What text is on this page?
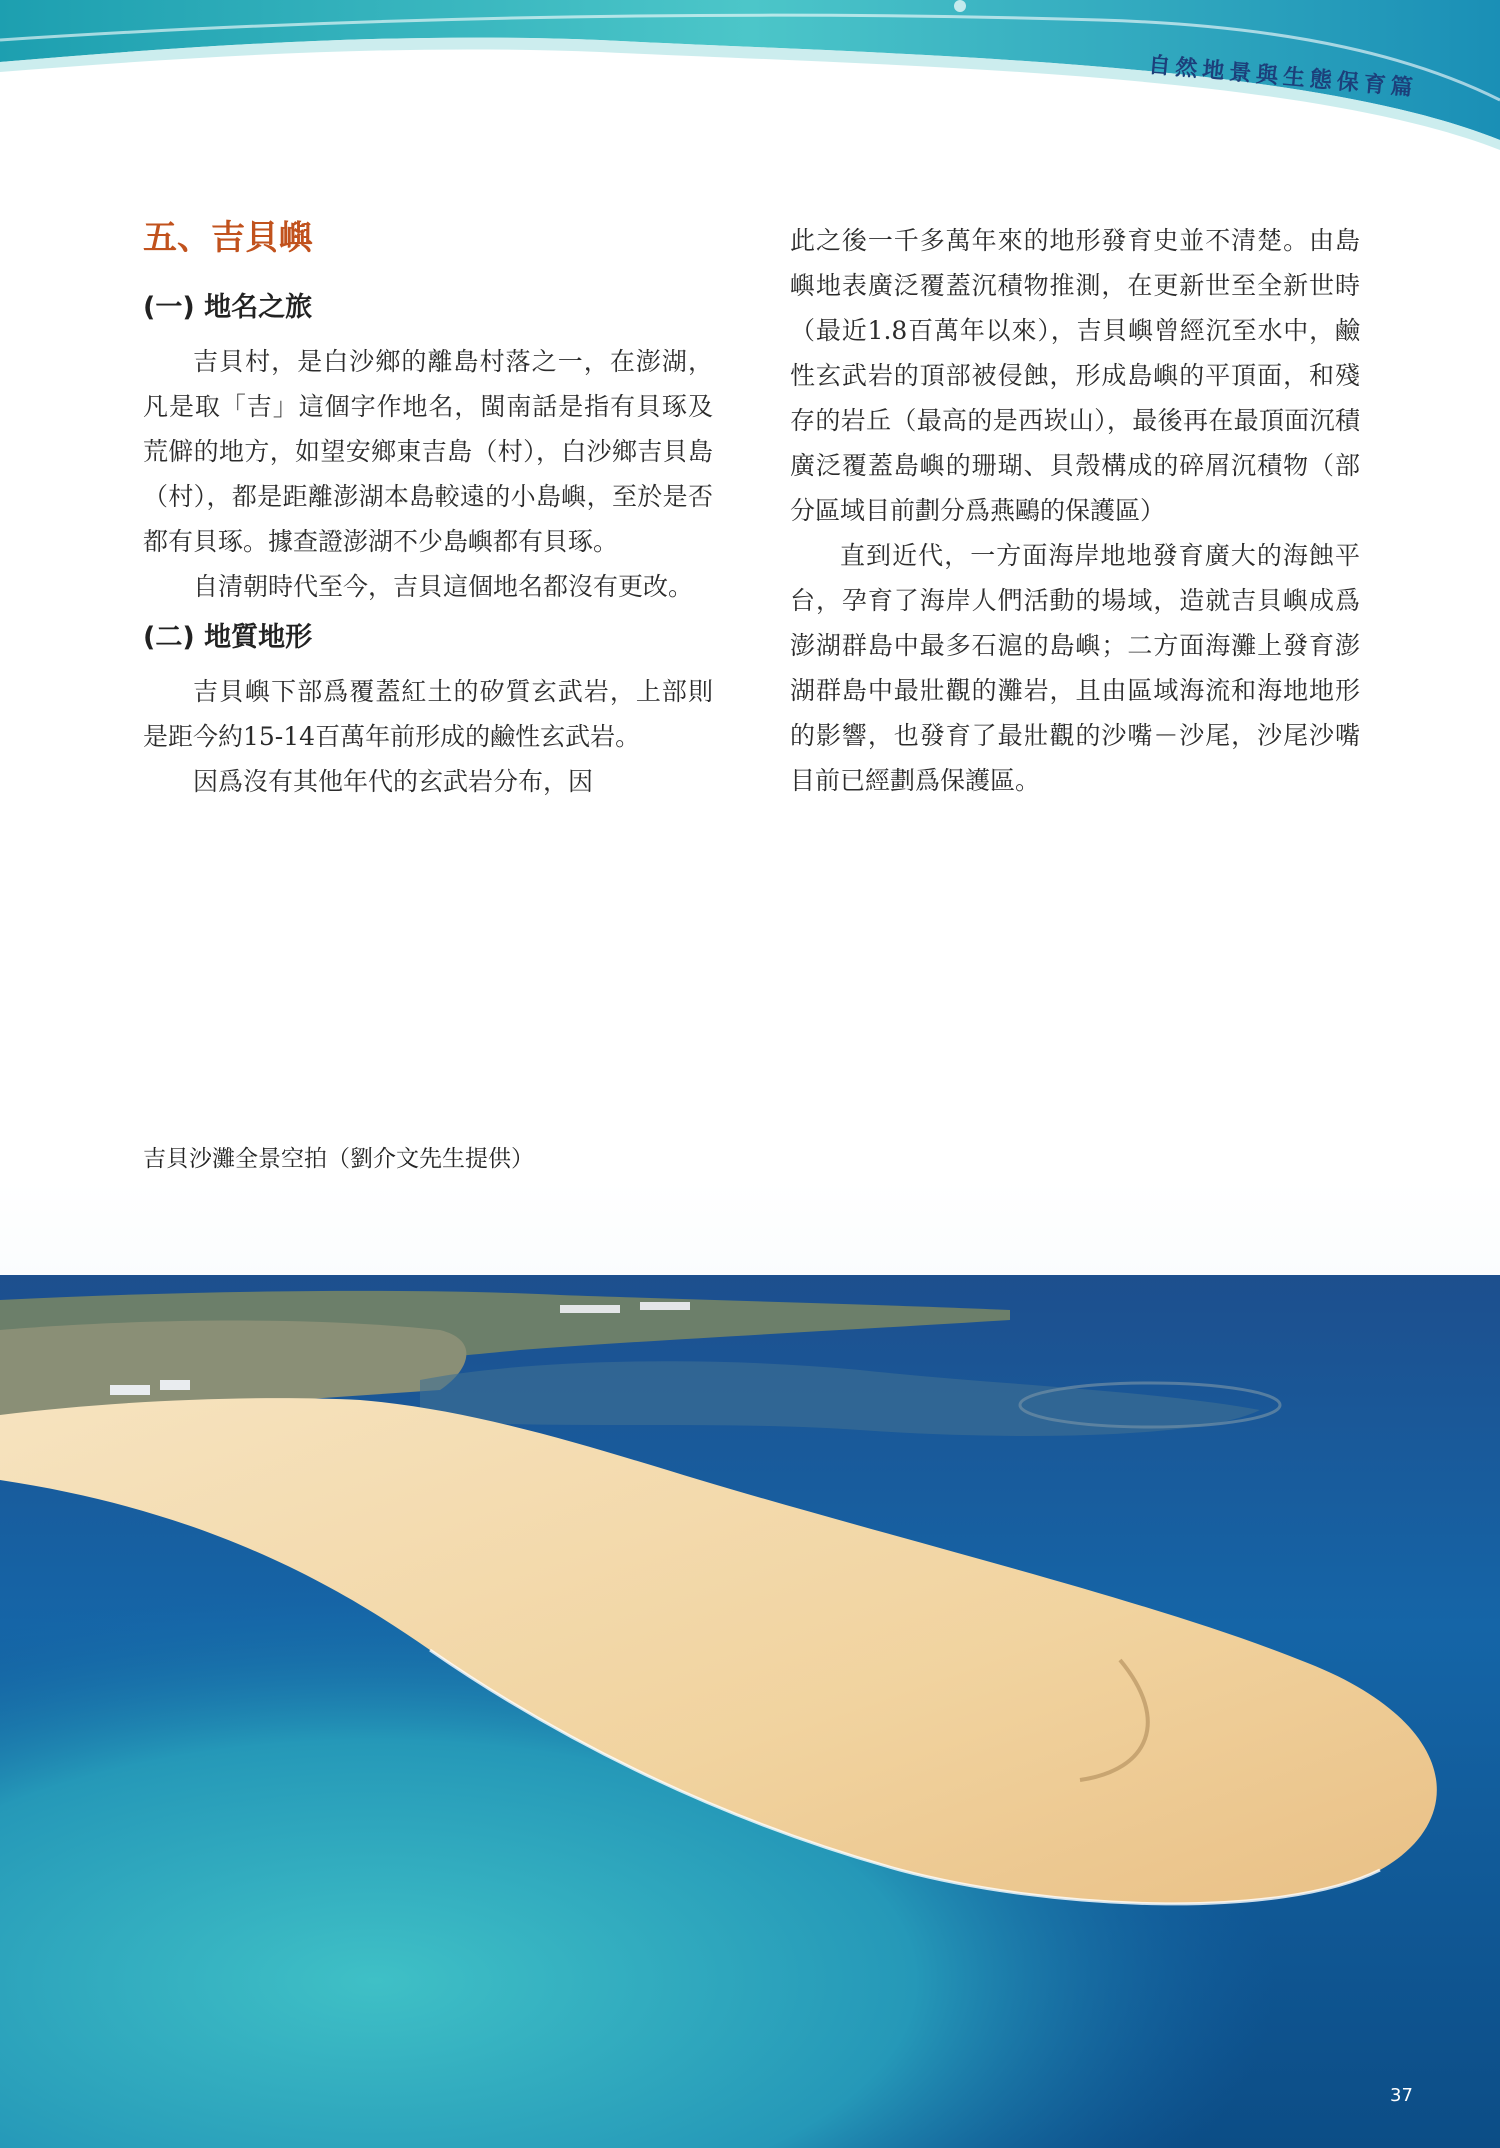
自然地景與生態保育篇
五、吉貝嶼
(一) 地名之旅

吉貝村，是白沙鄉的離島村落之一，在澎湖，凡是取「吉」這個字作地名，閩南話是指有貝琢及荒僻的地方，如望安鄉東吉島（村），白沙鄉吉貝島（村），都是距離澎湖本島較遠的小島嶼，至於是否都有貝琢。據查證澎湖不少島嶼都有貝琢。

自清朝時代至今，吉貝這個地名都沒有更改。

(二) 地質地形

吉貝嶼下部爲覆蓋紅土的矽質玄武岩，上部則是距今約15-14百萬年前形成的鹼性玄武岩。

因爲沒有其他年代的玄武岩分布，因

此之後一千多萬年來的地形發育史並不清楚。由島嶼地表廣泛覆蓋沉積物推測，在更新世至全新世時（最近1.8百萬年以來），吉貝嶼曾經沉至水中，鹼性玄武岩的頂部被侵蝕，形成島嶼的平頂面，和殘存的岩丘（最高的是西崁山），最後再在最頂面沉積廣泛覆蓋島嶼的珊瑚、貝殼構成的碎屑沉積物（部分區域目前劃分爲燕鷗的保護區）

直到近代，一方面海岸地地發育廣大的海蝕平台，孕育了海岸人們活動的場域，造就吉貝嶼成爲澎湖群島中最多石滬的島嶼；二方面海灘上發育澎湖群島中最壯觀的灘岩，且由區域海流和海地地形的影響，也發育了最壯觀的沙嘴－沙尾，沙尾沙嘴目前已經劃爲保護區。

吉貝沙灘全景空拍（劉介文先生提供）
37
